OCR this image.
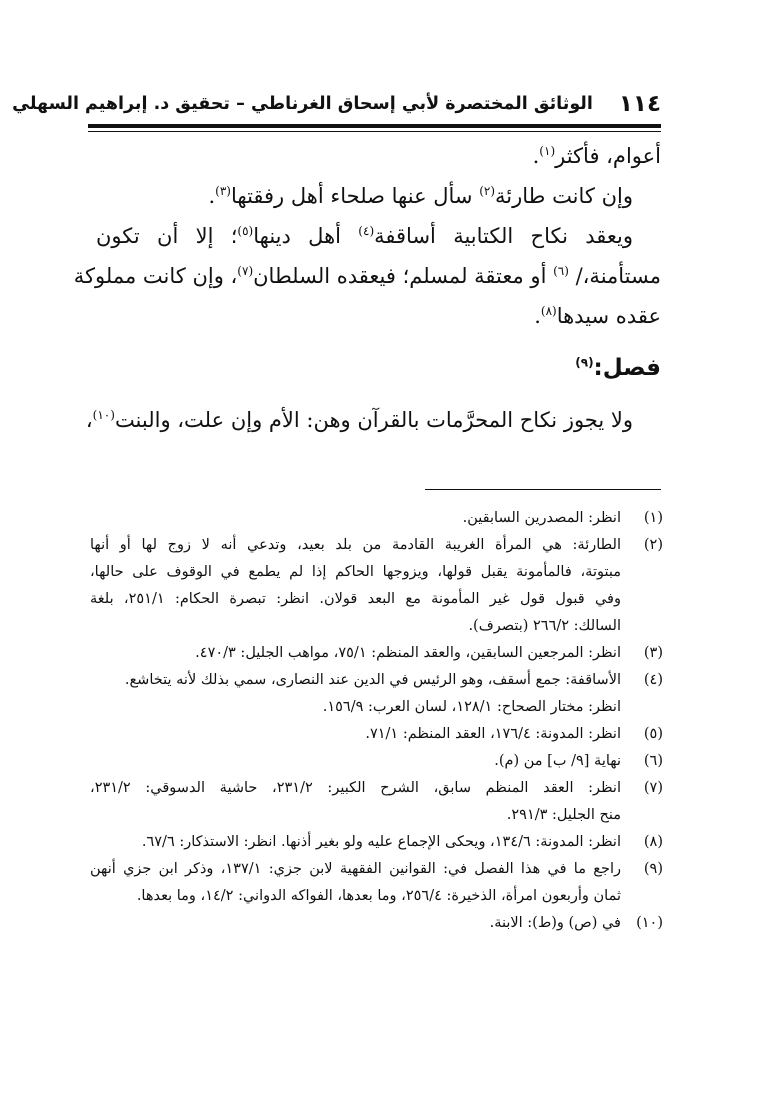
١١٤
الوثائق المختصرة لأبي إسحاق الغرناطي – تحقيق د. إبراهيم السهلي
أعوام، فأكثر$^{(١)}$.
وإن كانت طارئة$^{(٢)}$ سأل عنها صلحاء أهل رفقتها$^{(٣)}$.
ويعقد نكاح الكتابية أساقفة$^{(٤)}$ أهل دينها$^{(٥)}$؛ إلا أن تكون
مستأمنة،/ $^{(٦)}$ أو معتقة لمسلم؛ فيعقده السلطان$^{(٧)}$، وإن كانت مملوكة
عقده سيدها$^{(٨)}$.
فصل:$^{(٩)}$
ولا يجوز نكاح المحرَّمات بالقرآن وهن: الأم وإن علت، والبنت$^{(١٠)}$،
(١)
انظر: المصدرين السابقين.
(٢)
الطارئة: هي المرأة الغريبة القادمة من بلد بعيد، وتدعي أنه لا زوج لها أو أنها
مبتوتة، فالمأمونة يقبل قولها، ويزوجها الحاكم إذا لم يطمع في الوقوف على حالها،
وفي قبول قول غير المأمونة مع البعد قولان. انظر: تبصرة الحكام: ٢٥١/١، بلغة
السالك: ٢٦٦/٢ (بتصرف).
(٣)
انظر: المرجعين السابقين، والعقد المنظم: ٧٥/١، مواهب الجليل: ٤٧٠/٣.
(٤)
الأساقفة: جمع أسقف، وهو الرئيس في الدين عند النصارى، سمي بذلك لأنه يتخاشع.
انظر: مختار الصحاح: ١٢٨/١، لسان العرب: ١٥٦/٩.
(٥)
انظر: المدونة: ١٧٦/٤، العقد المنظم: ٧١/١.
(٦)
نهاية [٩/ ب] من (م).
(٧)
انظر: العقد المنظم سابق، الشرح الكبير: ٢٣١/٢، حاشية الدسوقي: ٢٣١/٢،
منح الجليل: ٢٩١/٣.
(٨)
انظر: المدونة: ١٣٤/٦، ويحكى الإجماع عليه ولو بغير أذنها. انظر: الاستذكار: ٦٧/٦.
(٩)
راجع ما في هذا الفصل في: القوانين الفقهية لابن جزي: ١٣٧/١، وذكر ابن جزي أنهن
ثمان وأربعون امرأة، الذخيرة: ٢٥٦/٤، وما بعدها، الفواكه الدواني: ١٤/٢، وما بعدها.
(١٠)
في (ص) و(ط): الابنة.
